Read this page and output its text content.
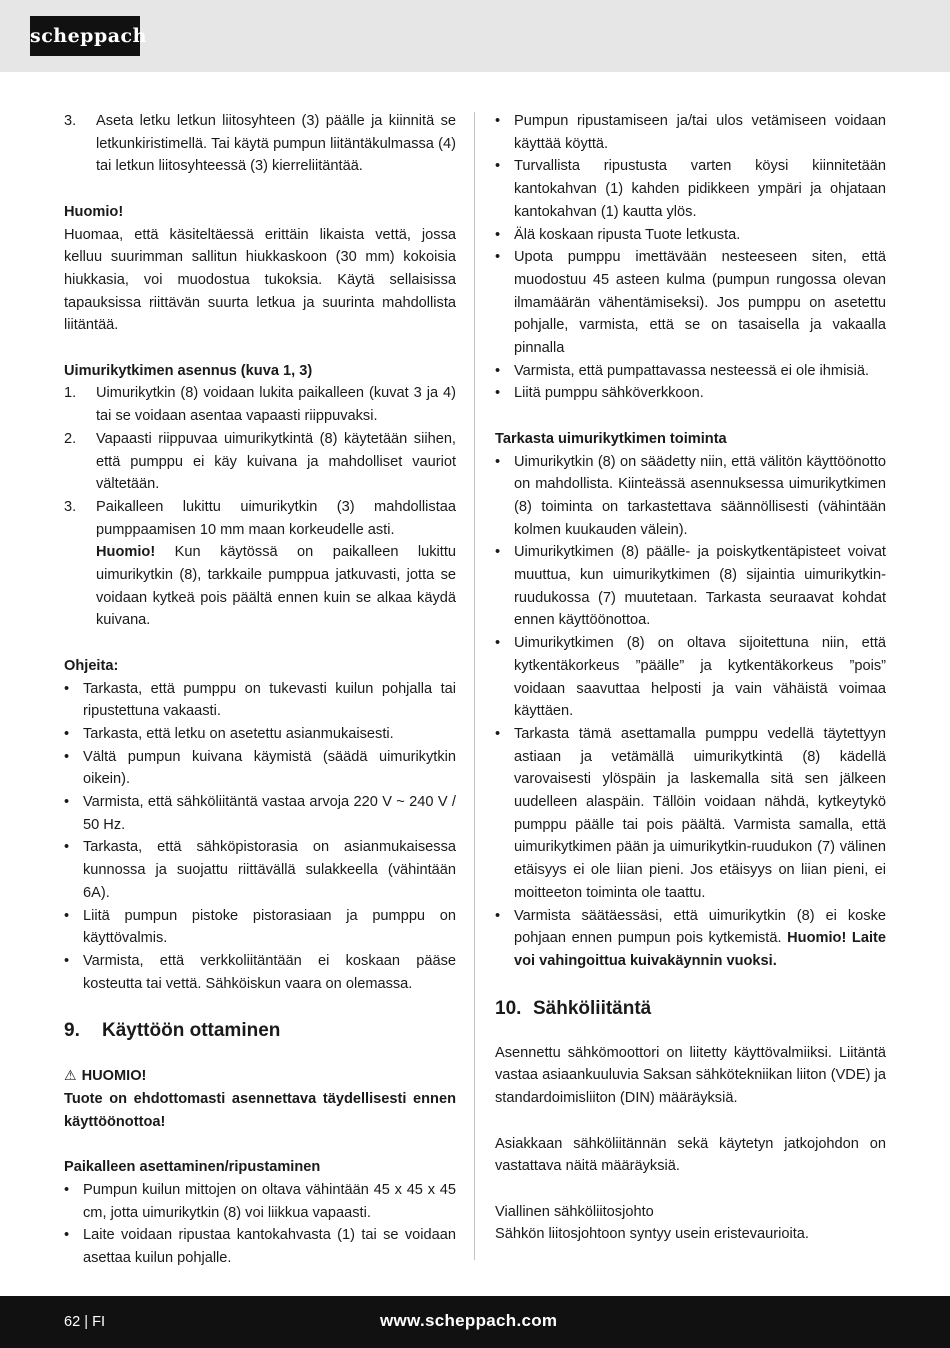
scheppach
3. Aseta letku letkun liitosyhteen (3) päälle ja kiinnitä se letkunkiristimellä. Tai käytä pumpun liitäntäkulmassa (4) tai letkun liitosyhteessä (3) kierreliitäntää.

Huomio!

Huomaa, että käsiteltäessä erittäin likaista vettä, jossa kelluu suurimman sallitun hiukkaskoon (30 mm) kokoisia hiukkasia, voi muodostua tukoksia. Käytä sellaisissa tapauksissa riittävän suurta letkua ja suurinta mahdollista liitäntää.

Uimurikytkimen asennus (kuva 1, 3)

1. Uimurikytkin (8) voidaan lukita paikalleen (kuvat 3 ja 4) tai se voidaan asentaa vapaasti riippuvaksi.
2. Vapaasti riippuvaa uimurikytkintä (8) käytetään siihen, että pumppu ei käy kuivana ja mahdolliset vauriot vältetään.
3. Paikalleen lukittu uimurikytkin (3) mahdollistaa pumppaamisen 10 mm maan korkeudelle asti.
Huomio! Kun käytössä on paikalleen lukittu uimurikytkin (8), tarkkaile pumppua jatkuvasti, jotta se voidaan kytkeä pois päältä ennen kuin se alkaa käydä kuivana.

Ohjeita:

• Tarkasta, että pumppu on tukevasti kuilun pohjalla tai ripustettuna vakaasti.
• Tarkasta, että letku on asetettu asianmukaisesti.
• Vältä pumpun kuivana käymistä (säädä uimurikytkin oikein).
• Varmista, että sähköliitäntä vastaa arvoja 220 V ~ 240 V / 50 Hz.
• Tarkasta, että sähköpistorasia on asianmukaisessa kunnossa ja suojattu riittävällä sulakkeella (vähintään 6A).
• Liitä pumpun pistoke pistorasiaan ja pumppu on käyttövalmis.
• Varmista, että verkkoliitäntään ei koskaan pääse kosteutta tai vettä. Sähköiskun vaara on olemassa.
9.	Käyttöön ottaminen

⚠ HUOMIO!

Tuote on ehdottomasti asennettava täydellisesti ennen käyttöönottoa!

Paikalleen asettaminen/ripustaminen

• Pumpun kuilun mittojen on oltava vähintään 45 x 45 x 45 cm, jotta uimurikytkin (8) voi liikkua vapaasti.
• Laite voidaan ripustaa kantokahvasta (1) tai se voidaan asettaa kuilun pohjalle.
• Pumpun ripustamiseen ja/tai ulos vetämiseen voidaan käyttää köyttä.
• Turvallista ripustusta varten köysi kiinnitetään kantokahvan (1) kahden pidikkeen ympäri ja ohjataan kantokahvan (1) kautta ylös.
• Älä koskaan ripusta Tuote letkusta.
• Upota pumppu imettävään nesteeseen siten, että muodostuu 45 asteen kulma (pumpun rungossa olevan ilmamäärän vähentämiseksi). Jos pumppu on asetettu pohjalle, varmista, että se on tasaisella ja vakaalla pinnalla
• Varmista, että pumpattavassa nesteessä ei ole ihmisiä.
• Liitä pumppu sähköverkkoon.

Tarkasta uimurikytkimen toiminta

• Uimurikytkin (8) on säädetty niin, että välitön käyttöönotto on mahdollista. Kiinteässä asennuksessa uimurikytkimen (8) toiminta on tarkastettava säännöllisesti (vähintään kolmen kuukauden välein).
• Uimurikytkimen (8) päälle- ja poiskytkentäpisteet voivat muuttua, kun uimurikytkimen (8) sijaintia uimurikytkin-ruudukossa (7) muutetaan. Tarkasta seuraavat kohdat ennen käyttöönottoa.
• Uimurikytkimen (8) on oltava sijoitettuna niin, että kytkentäkorkeus ”päälle” ja kytkentäkorkeus ”pois” voidaan saavuttaa helposti ja vain vähäistä voimaa käyttäen.
• Tarkasta tämä asettamalla pumppu vedellä täytettyyn astiaan ja vetämällä uimurikytkintä (8) kädellä varovaisesti ylöspäin ja laskemalla sitä sen jälkeen uudelleen alaspäin. Tällöin voidaan nähdä, kytkeytykö pumppu päälle tai pois päältä. Varmista samalla, että uimurikytkimen pään ja uimurikytkin-ruudukon (7) välinen etäisyys ei ole liian pieni. Jos etäisyys on liian pieni, ei moitteeton toiminta ole taattu.
• Varmista säätäessäsi, että uimurikytkin (8) ei koske pohjaan ennen pumpun pois kytkemistä. Huomio! Laite voi vahingoittua kuivakäynnin vuoksi.
10. Sähköliitäntä

Asennettu sähkömoottori on liitetty käyttövalmiiksi. Liitäntä vastaa asiaankuuluvia Saksan sähkötekniikan liiton (VDE) ja standardoimisliiton (DIN) määräyksiä.

Asiakkaan sähköliitännän sekä käytetyn jatkojohdon on vastattava näitä määräyksiä.

Viallinen sähköliitosjohto

Sähkön liitosjohtoon syntyy usein eristevaurioita.

62 | FI	www.scheppach.com
